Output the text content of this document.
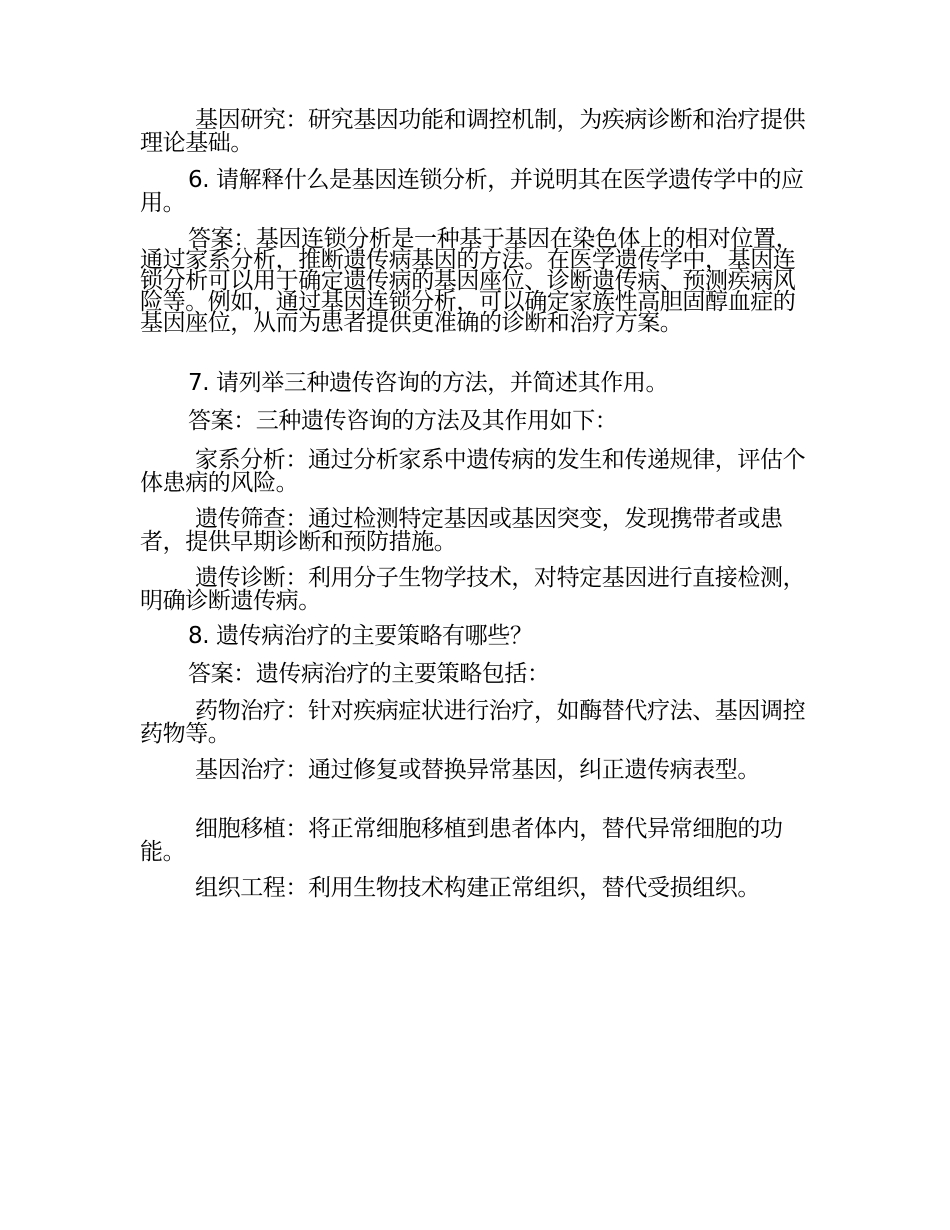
基因研究：研究基因功能和调控机制，为疾病诊断和治疗提供理论基础。

6. 请解释什么是基因连锁分析，并说明其在医学遗传学中的应用。

答案：基因连锁分析是一种基于基因在染色体上的相对位置，通过家系分析，推断遗传病基因的方法。在医学遗传学中，基因连锁分析可以用于确定遗传病的基因座位、诊断遗传病、预测疾病风险等。例如，通过基因连锁分析，可以确定家族性高胆固醇血症的基因座位，从而为患者提供更准确的诊断和治疗方案。

7. 请列举三种遗传咨询的方法，并简述其作用。

答案：三种遗传咨询的方法及其作用如下：

家系分析：通过分析家系中遗传病的发生和传递规律，评估个体患病的风险。

遗传筛查：通过检测特定基因或基因突变，发现携带者或患者，提供早期诊断和预防措施。

遗传诊断：利用分子生物学技术，对特定基因进行直接检测，明确诊断遗传病。

8. 遗传病治疗的主要策略有哪些？

答案：遗传病治疗的主要策略包括：

药物治疗：针对疾病症状进行治疗，如酶替代疗法、基因调控药物等。

基因治疗：通过修复或替换异常基因，纠正遗传病表型。

细胞移植：将正常细胞移植到患者体内，替代异常细胞的功能。

组织工程：利用生物技术构建正常组织，替代受损组织。
